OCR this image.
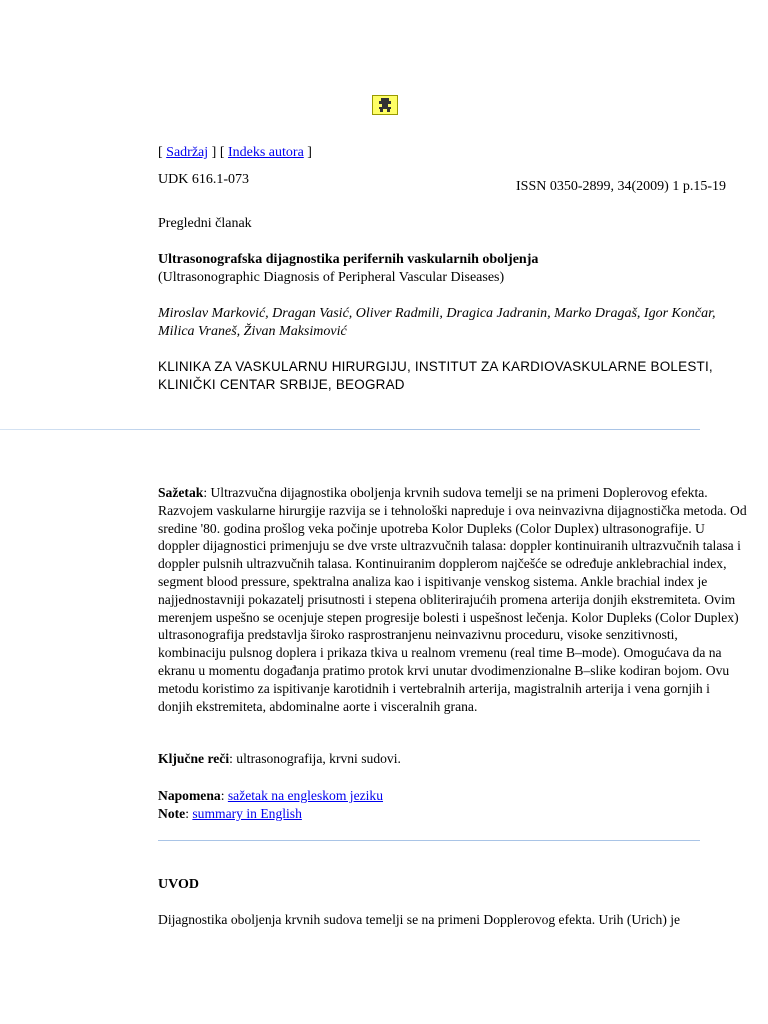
[ Sadržaj ] [ Indeks autora ]
UDK 616.1-073	ISSN 0350-2899, 34(2009) 1 p.15-19
Pregledni članak
Ultrasonografska dijagnostika perifernih vaskularnih oboljenja
(Ultrasonographic Diagnosis of Peripheral Vascular Diseases)
Miroslav Marković, Dragan Vasić, Oliver Radmili, Dragica Jadranin, Marko Dragaš, Igor Končar, Milica Vraneš, Živan Maksimović
KLINIKA ZA VASKULARNU HIRURGIJU, INSTITUT ZA KARDIOVASKULARNE BOLESTI,
KLINIČKI CENTAR SRBIJE, BEOGRAD
Sažetak: Ultrazvučna dijagnostika oboljenja krvnih sudova temelji se na primeni Doplerovog efekta. Razvojem vaskularne hirurgije razvija se i tehnološki napreduje i ova neinvazivna dijagnostička metoda. Od sredine '80. godina prošlog veka počinje upotreba Kolor Dupleks (Color Duplex) ultrasonografije. U doppler dijagnostici primenjuju se dve vrste ultrazvučnih talasa: doppler kontinuiranih ultrazvučnih talasa i doppler pulsnih ultrazvučnih talasa. Kontinuiranim dopplerom najčešće se određuje anklebrachial index, segment blood pressure, spektralna analiza kao i ispitivanje venskog sistema. Ankle brachial index je najjednostavniji pokazatelj prisutnosti i stepena obliterirajućih promena arterija donjih ekstremiteta. Ovim merenjem uspešno se ocenjuje stepen progresije bolesti i uspešnost lečenja. Kolor Dupleks (Color Duplex) ultrasonografija predstavlja široko rasprostranjenu neinvazivnu proceduru, visoke senzitivnosti, kombinaciju pulsnog doplera i prikaza tkiva u realnom vremenu (real time B–mode). Omogućava da na ekranu u momentu događanja pratimo protok krvi unutar dvodimenzionalne B–slike kodiran bojom. Ovu metodu koristimo za ispitivanje karotidnih i vertebralnih arterija, magistralnih arterija i vena gornjih i donjih ekstremiteta, abdominalne aorte i visceralnih grana.
Ključne reči: ultrasonografija, krvni sudovi.
Napomena: sažetak na engleskom jeziku
Note: summary in English
UVOD
Dijagnostika oboljenja krvnih sudova temelji se na primeni Dopplerovog efekta. Urih (Urich) je
